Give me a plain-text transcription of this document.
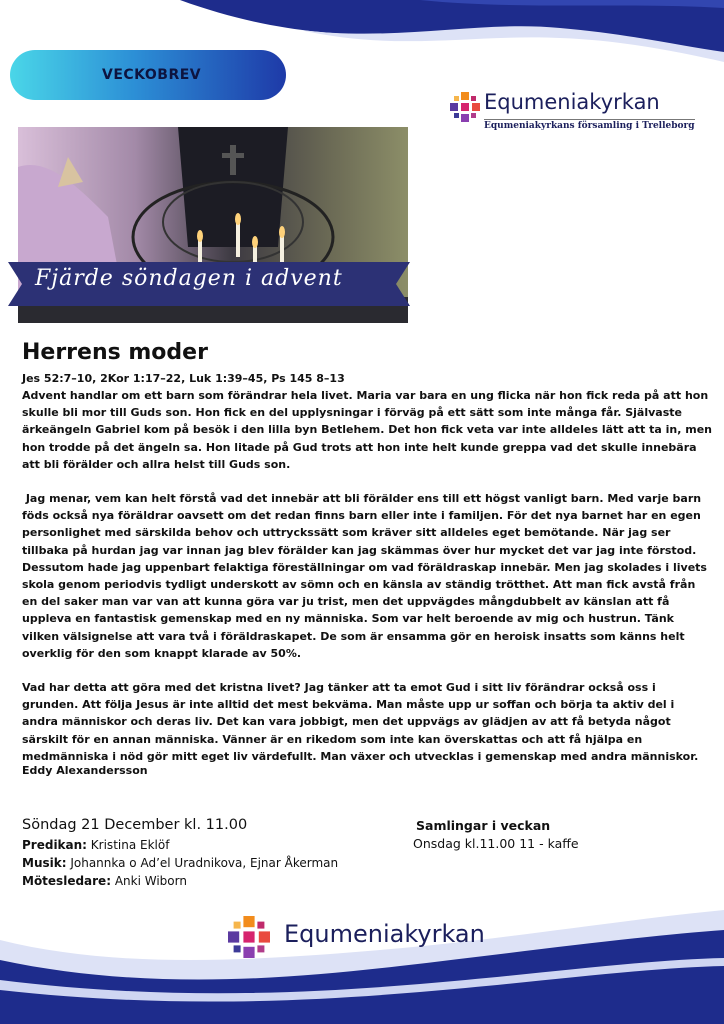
VECKOBREV
Equmeniakyrkan
Equmeniakyrkans församling i Trelleborg
Fjärde söndagen i advent
Herrens moder
Jes 52:7–10, 2Kor 1:17–22, Luk 1:39–45, Ps 145 8–13

Advent handlar om ett barn som förändrar hela livet. Maria var bara en ung flicka när hon fick reda på att hon skulle bli mor till Guds son. Hon fick en del upplysningar i förväg på ett sätt som inte många får. Självaste ärkeängeln Gabriel kom på besök i den lilla byn Betlehem. Det hon fick veta var inte alldeles lätt att ta in, men hon trodde på det ängeln sa. Hon litade på Gud trots att hon inte helt kunde greppa vad det skulle innebära att bli förälder och allra helst till Guds son.

Jag menar, vem kan helt förstå vad det innebär att bli förälder ens till ett högst vanligt barn. Med varje barn föds också nya föräldrar oavsett om det redan finns barn eller inte i familjen. För det nya barnet har en egen personlighet med särskilda behov och uttryckssätt som kräver sitt alldeles eget bemötande. När jag ser tillbaka på hurdan jag var innan jag blev förälder kan jag skämmas över hur mycket det var jag inte förstod. Dessutom hade jag uppenbart felaktiga föreställningar om vad föräldraskap innebär. Men jag skolades i livets skola genom periodvis tydligt underskott av sömn och en känsla av ständig trötthet. Att man fick avstå från en del saker man var van att kunna göra var ju trist, men det uppvägdes mångdubbelt av känslan att få uppleva en fantastisk gemenskap med en ny människa. Som var helt beroende av mig och hustrun. Tänk vilken välsignelse att vara två i föräldraskapet. De som är ensamma gör en heroisk insatts som känns helt overklig för den som knappt klarade av 50%.

Vad har detta att göra med det kristna livet? Jag tänker att ta emot Gud i sitt liv förändrar också oss i grunden. Att följa Jesus är inte alltid det mest bekväma. Man måste upp ur soffan och börja ta aktiv del i andra människor och deras liv. Det kan vara jobbigt, men det uppvägs av glädjen av att få betyda något särskilt för en annan människa. Vänner är en rikedom som inte kan överskattas och att få hjälpa en medmänniska i nöd gör mitt eget liv värdefullt. Man växer och utvecklas i gemenskap med andra människor.

Eddy Alexandersson
Söndag 21 December kl. 11.00
Predikan: Kristina Eklöf
Musik: Johannka o Ad’el Uradnikova, Ejnar Åkerman
Mötesledare: Anki Wiborn
Samlingar i veckan
Onsdag kl.11.00 11 - kaffe
Equmeniakyrkan
